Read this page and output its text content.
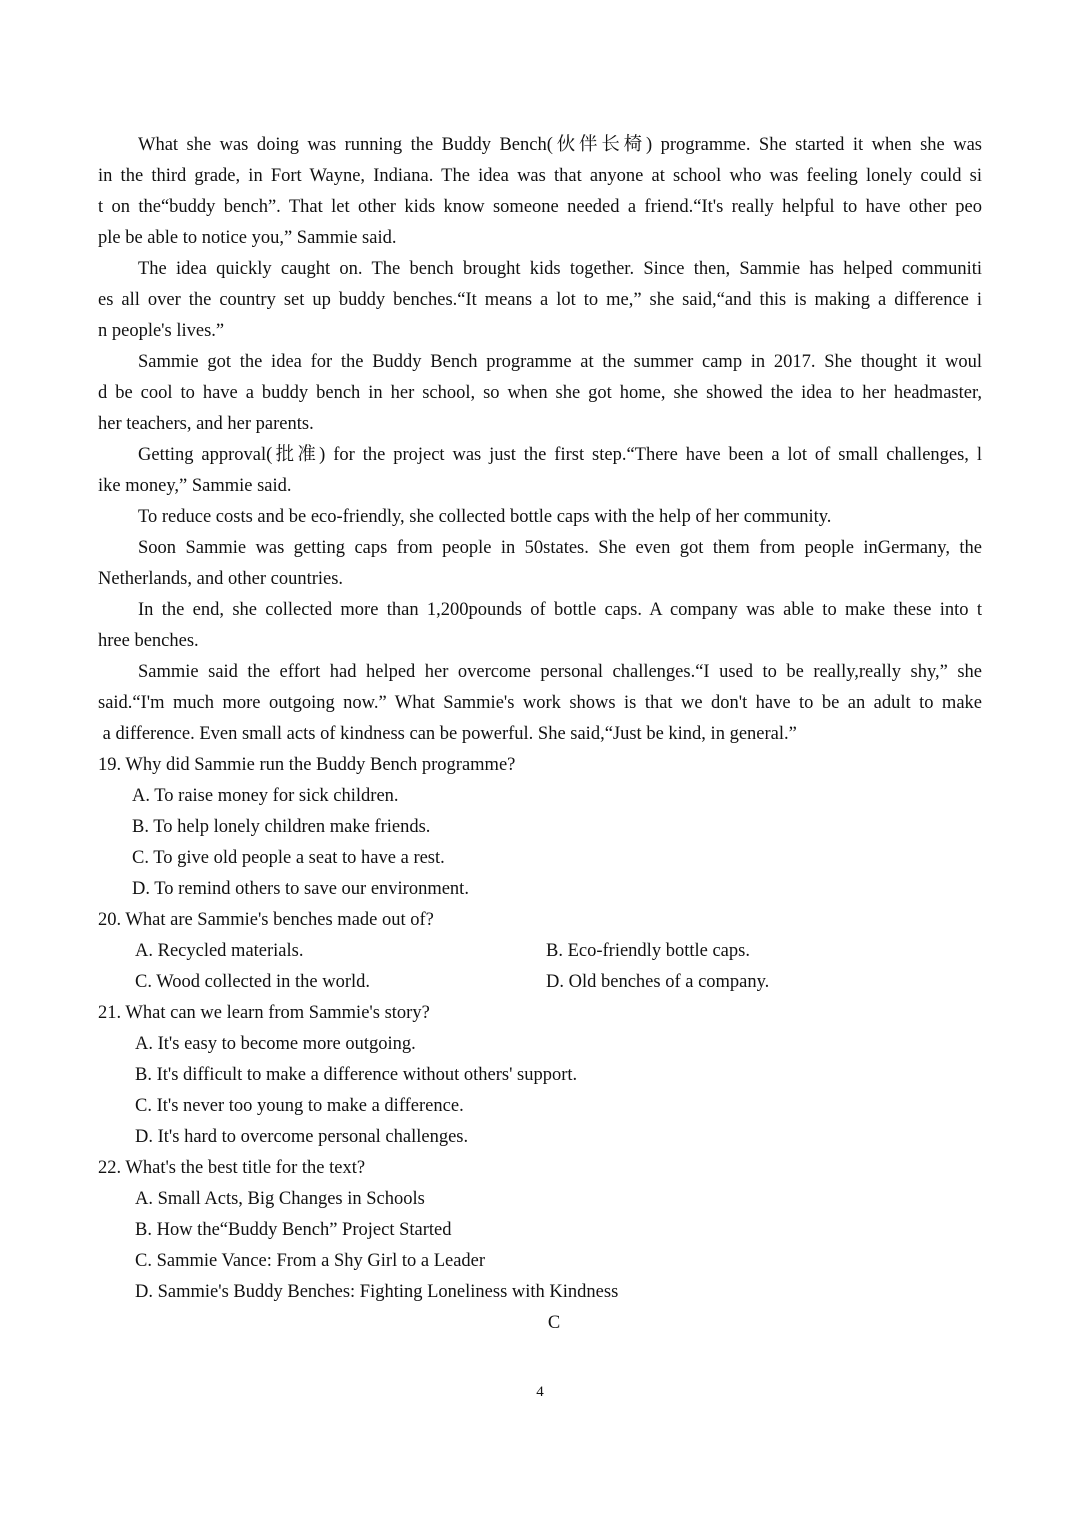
What she was doing was running the Buddy Bench(伙伴长椅) programme. She started it when she was
in the third grade, in Fort Wayne, Indiana. The idea was that anyone at school who was feeling lonely could si
t on the“buddy bench”. That let other kids know someone needed a friend.“It's really helpful to have other peo
ple be able to notice you,” Sammie said.
The idea quickly caught on. The bench brought kids together. Since then, Sammie has helped communiti
es all over the country set up buddy benches.“It means a lot to me,” she said,“and this is making a difference i
n people's lives.”
Sammie got the idea for the Buddy Bench programme at the summer camp in 2017. She thought it woul
d be cool to have a buddy bench in her school, so when she got home, she showed the idea to her headmaster,
her teachers, and her parents.
Getting approval(批准) for the project was just the first step.“There have been a lot of small challenges, l
ike money,” Sammie said.
To reduce costs and be eco-friendly, she collected bottle caps with the help of her community.
Soon Sammie was getting caps from people in 50states. She even got them from people inGermany, the
Netherlands, and other countries.
In the end, she collected more than 1,200pounds of bottle caps. A company was able to make these into t
hree benches.
Sammie said the effort had helped her overcome personal challenges.“I used to be really,really shy,” she
said.“I'm much more outgoing now.” What Sammie's work shows is that we don't have to be an adult to make
a difference. Even small acts of kindness can be powerful. She said,“Just be kind, in general.”
19. Why did Sammie run the Buddy Bench programme?
A. To raise money for sick children.
B. To help lonely children make friends.
C. To give old people a seat to have a rest.
D. To remind others to save our environment.
20. What are Sammie's benches made out of?
A. Recycled materials.	B. Eco-friendly bottle caps.
C. Wood collected in the world.	D. Old benches of a company.
21. What can we learn from Sammie's story?
A. It's easy to become more outgoing.
B. It's difficult to make a difference without others' support.
C. It's never too young to make a difference.
D. It's hard to overcome personal challenges.
22. What's the best title for the text?
A. Small Acts, Big Changes in Schools
B. How the“Buddy Bench” Project Started
C. Sammie Vance: From a Shy Girl to a Leader
D. Sammie's Buddy Benches: Fighting Loneliness with Kindness
C
4
